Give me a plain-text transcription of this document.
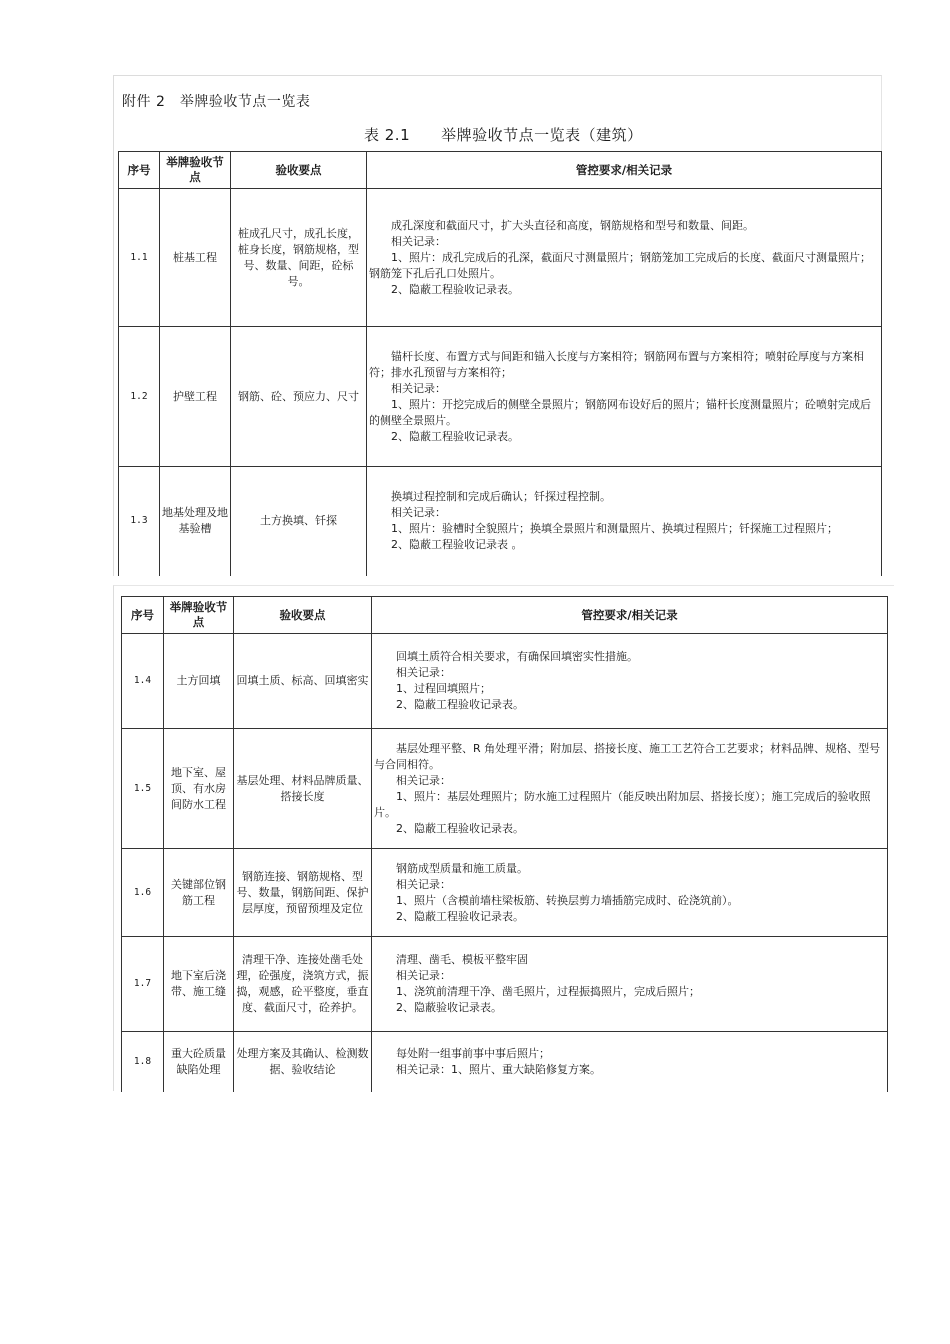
附件 2　举牌验收节点一览表
表 2.1　　举牌验收节点一览表（建筑）
序号	举牌验收节点	验收要点	管控要求/相关记录
1.1	桩基工程	桩成孔尺寸，成孔长度，桩身长度，钢筋规格，型号、数量、间距，砼标号。	成孔深度和截面尺寸，扩大头直径和高度，钢筋规格和型号和数量、间距。

相关记录：

1、照片：成孔完成后的孔深，截面尺寸测量照片；钢筋笼加工完成后的长度、截面尺寸测量照片；钢筋笼下孔后孔口处照片。

2、隐蔽工程验收记录表。

1.2	护壁工程	钢筋、砼、预应力、尺寸	锚杆长度、布置方式与间距和锚入长度与方案相符；钢筋网布置与方案相符；喷射砼厚度与方案相符；排水孔预留与方案相符；

相关记录：

1、照片：开挖完成后的侧壁全景照片；钢筋网布设好后的照片；锚杆长度测量照片；砼喷射完成后的侧壁全景照片。

2、隐蔽工程验收记录表。

1.3	地基处理及地基验槽	土方换填、钎探	换填过程控制和完成后确认；钎探过程控制。

相关记录：

1、照片：验槽时全貌照片；换填全景照片和测量照片、换填过程照片；钎探施工过程照片；

2、隐蔽工程验收记录表 。

序号	举牌验收节点	验收要点	管控要求/相关记录
1.4	土方回填	回填土质、标高、回填密实	回填土质符合相关要求，有确保回填密实性措施。

相关记录：

1、过程回填照片；

2、隐蔽工程验收记录表。

1.5	地下室、屋顶、有水房间防水工程	基层处理、材料品牌质量、搭接长度	基层处理平整、R 角处理平滑；附加层、搭接长度、施工工艺符合工艺要求；材料品牌、规格、型号与合同相符。

相关记录：

1、照片：基层处理照片；防水施工过程照片（能反映出附加层、搭接长度）；施工完成后的验收照片。

2、隐蔽工程验收记录表。

1.6	关键部位钢筋工程	钢筋连接、钢筋规格、型号、数量，钢筋间距、保护层厚度，预留预埋及定位	钢筋成型质量和施工质量。

相关记录：

1、照片（含模前墙柱梁板筋、转换层剪力墙插筋完成时、砼浇筑前）。

2、隐蔽工程验收记录表。

1.7	地下室后浇带、施工缝	清理干净、连接处凿毛处理，砼强度，浇筑方式，振捣，观感，砼平整度，垂直度、截面尺寸，砼养护。	清理、凿毛、模板平整牢固

相关记录：

1、浇筑前清理干净、凿毛照片，过程振捣照片，完成后照片；

2、隐蔽验收记录表。

1.8	重大砼质量缺陷处理	处理方案及其确认、检测数据、验收结论	每处附一组事前事中事后照片；

相关记录：1、照片、重大缺陷修复方案。
